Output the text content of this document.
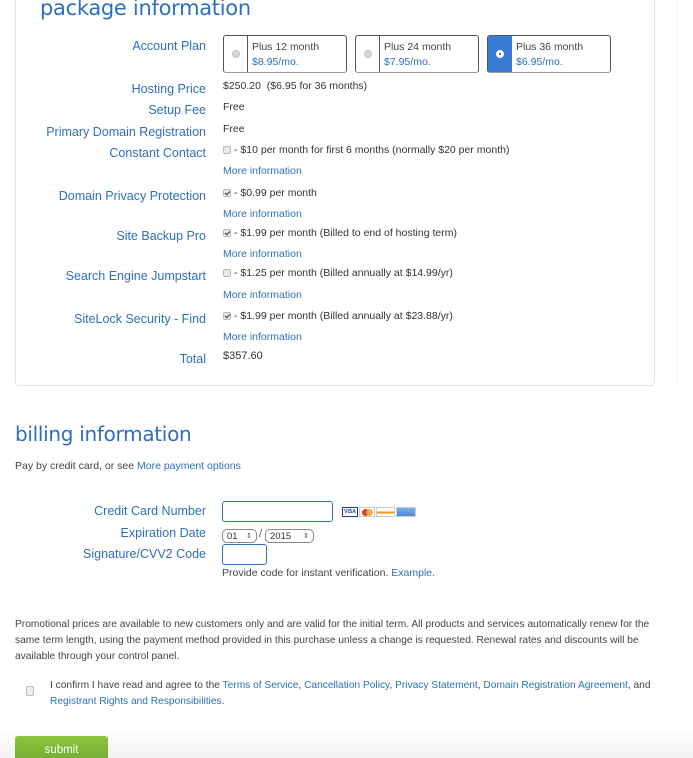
package information
Account Plan	Plus 12 month
$8.95/mo.
Plus 24 month
$7.95/mo.
Plus 36 month
$6.95/mo.
Hosting Price $250.20  ($6.95 for 36 months)
Setup Fee Free
Primary Domain Registration Free
Constant Contact	- $10 per month for first 6 months (normally $20 per month)
More information
Domain Privacy Protection	- $0.99 per month
More information
Site Backup Pro	- $1.99 per month (Billed to end of hosting term)
More information
Search Engine Jumpstart	- $1.25 per month (Billed annually at $14.99/yr)
More information
SiteLock Security - Find	- $1.99 per month (Billed annually at $23.88/yr)
More information
Total $357.60
billing information
Pay by credit card, or see More payment options
Credit Card Number	VISA
Expiration Date 01 ⇕ / 2015 ⇕
Signature/CVV2 Code
Provide code for instant verification. Example.

Promotional prices are available to new customers only and are valid for the initial term. All products and services automatically renew for the same term length, using the payment method provided in this purchase unless a change is requested. Renewal rates and discounts will be available through your control panel.

I confirm I have read and agree to the Terms of Service, Cancellation Policy, Privacy Statement, Domain Registration Agreement, and Registrant Rights and Responsibilities.

submit
